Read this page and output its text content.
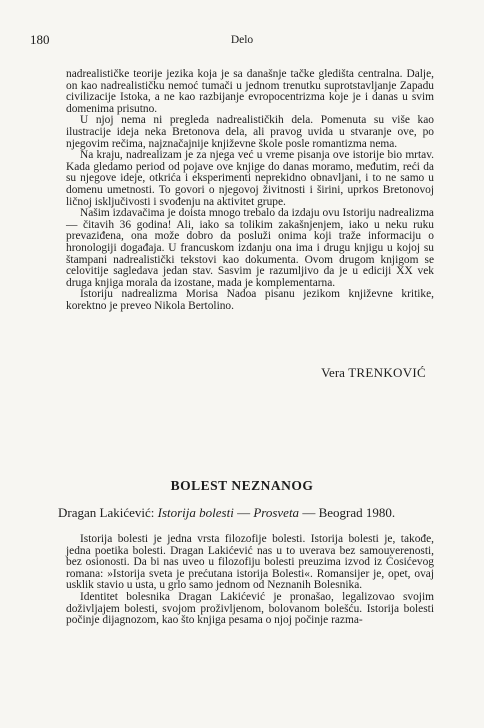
180	Delo

nadrealističke teorije jezika koja je sa današnje tačke gledišta centralna. Dalje, on kao nadrealističku nemoć tumači u jednom trenutku suprotstavljanje Zapadu civilizacije Istoka, a ne kao razbijanje evropocentrizma koje je i danas u svim domenima prisutno.

U njoj nema ni pregleda nadrealističkih dela. Pomenuta su više kao ilustracije ideja neka Bretonova dela, ali pravog uvida u stvaranje ove, po njegovim rečima, najznačajnije književne škole posle romantizma nema.

Na kraju, nadrealizam je za njega već u vreme pisanja ove istorije bio mrtav. Kada gledamo period od pojave ove knjige do danas moramo, međutim, reći da su njegove ideje, otkrića i eksperimenti neprekidno obnavljani, i to ne samo u domenu umetnosti. To govori o njegovoj živitnosti i širini, uprkos Bretonovoj ličnoj isključivosti i svođenju na aktivitet grupe.

Našim izdavačima je doista mnogo trebalo da izdaju ovu Istoriju nadrealizma — čitavih 36 godina! Ali, iako sa tolikim zakašnjenjem, iako u neku ruku prevaziđena, ona može dobro da posluži onima koji traže informaciju o hronologiji događaja. U francuskom izdanju ona ima i drugu knjigu u kojoj su štampani nadrealistički tekstovi kao dokumenta. Ovom drugom knjigom se celovitije sagledava jedan stav. Sasvim je razumljivo da je u ediciji XX vek druga knjiga morala da izostane, mada je komplementarna.

Istoriju nadrealizma Morisa Nadoa pisanu jezikom književne kritike, korektno je preveo Nikola Bertolino.

Vera TRENKOVIĆ
BOLEST NEZNANOG
Dragan Lakićević: Istorija bolesti — Prosveta — Beograd 1980.

Istorija bolesti je jedna vrsta filozofije bolesti. Istorija bolesti je, takođe, jedna poetika bolesti. Dragan Lakićević nas u to uverava bez samouverenosti, bez osionosti. Da bi nas uveo u filozofiju bolesti preuzima izvod iz Ćosićevog romana: »Istorija sveta je prećutana istorija Bolesti«. Romansijer je, opet, ovaj usklik stavio u usta, u grlo samo jednom od Neznanih Bolesnika.

Identitet bolesnika Dragan Lakićević je pronašao, legalizovao svojim doživljajem bolesti, svojom proživljenom, bolovanom bolešću. Istorija bolesti počinje dijagnozom, kao što knjiga pesama o njoj počinje razma-
